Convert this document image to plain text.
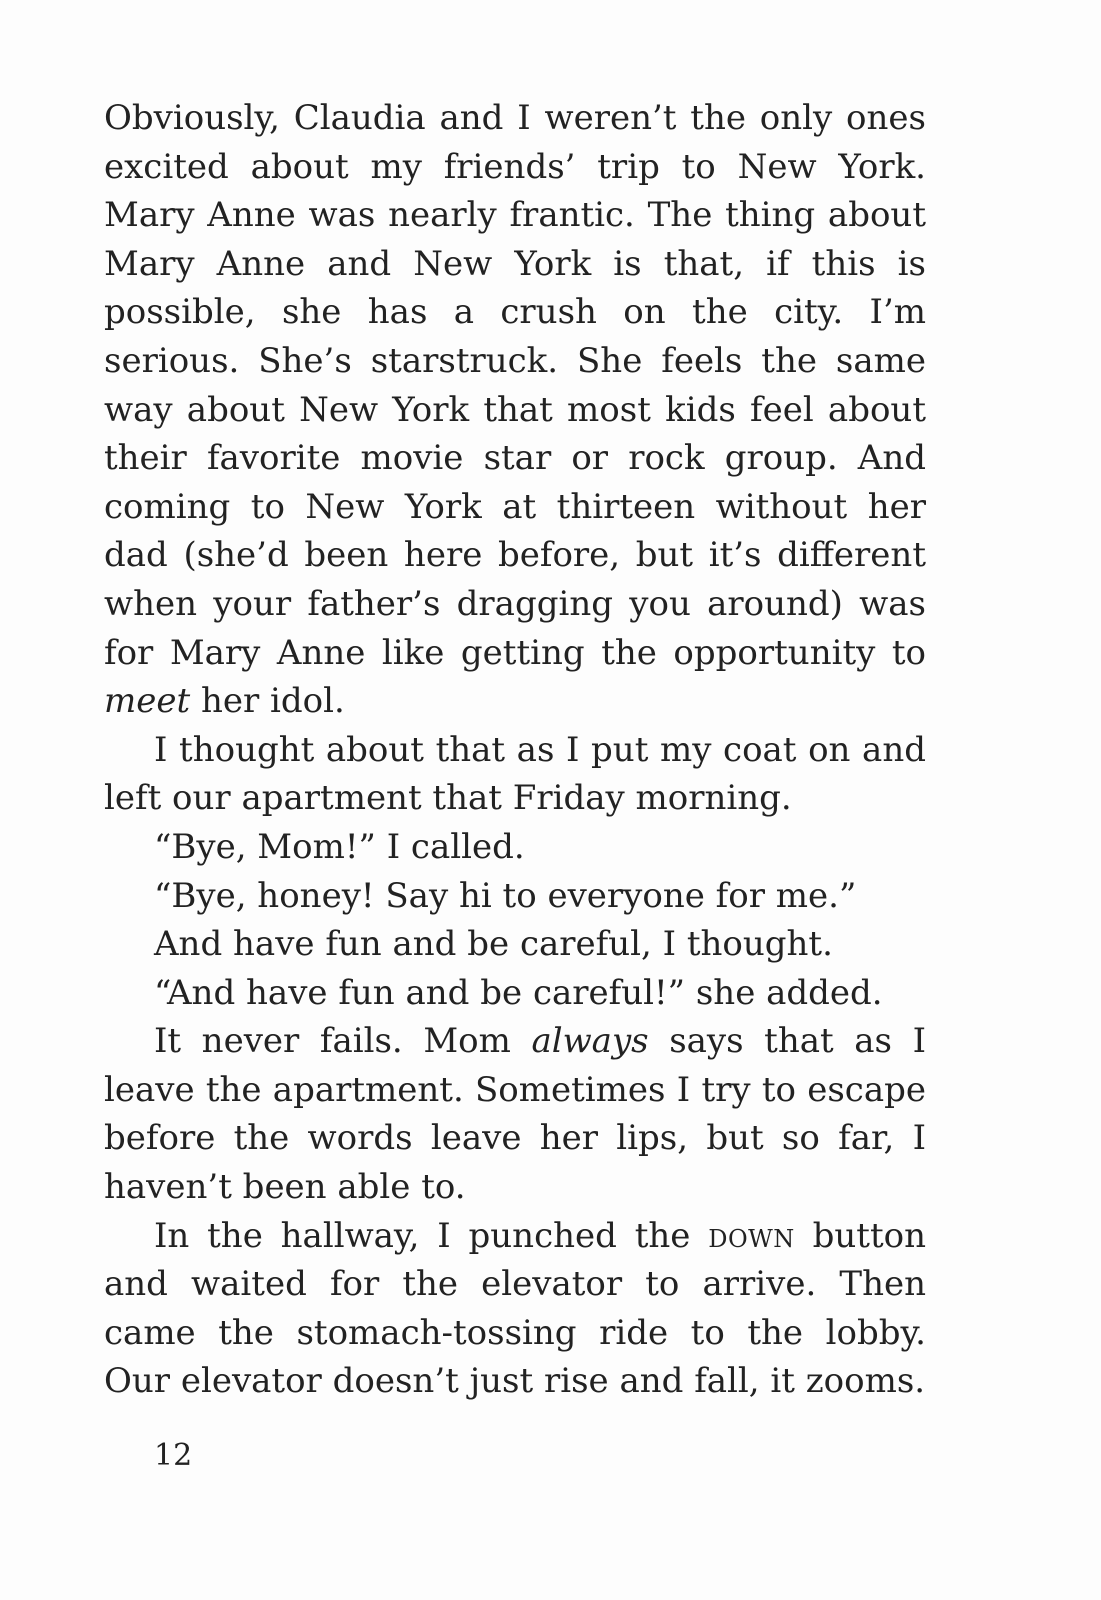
Obviously, Claudia and I weren’t the only ones excited about my friends’ trip to New York. Mary Anne was nearly frantic. The thing about Mary Anne and New York is that, if this is possible, she has a crush on the city. I’m serious. She’s starstruck. She feels the same way about New York that most kids feel about their favorite movie star or rock group. And coming to New York at thirteen without her dad (she’d been here before, but it’s different when your father’s dragging you around) was for Mary Anne like getting the opportunity to meet her idol.

I thought about that as I put my coat on and left our apartment that Friday morning.

“Bye, Mom!” I called.

“Bye, honey! Say hi to everyone for me.”

And have fun and be careful, I thought.

“And have fun and be careful!” she added.

It never fails. Mom always says that as I leave the apartment. Sometimes I try to escape before the words leave her lips, but so far, I haven’t been able to.

In the hallway, I punched the down button and waited for the elevator to arrive. Then came the stomach-tossing ride to the lobby. Our elevator doesn’t just rise and fall, it zooms.

12
